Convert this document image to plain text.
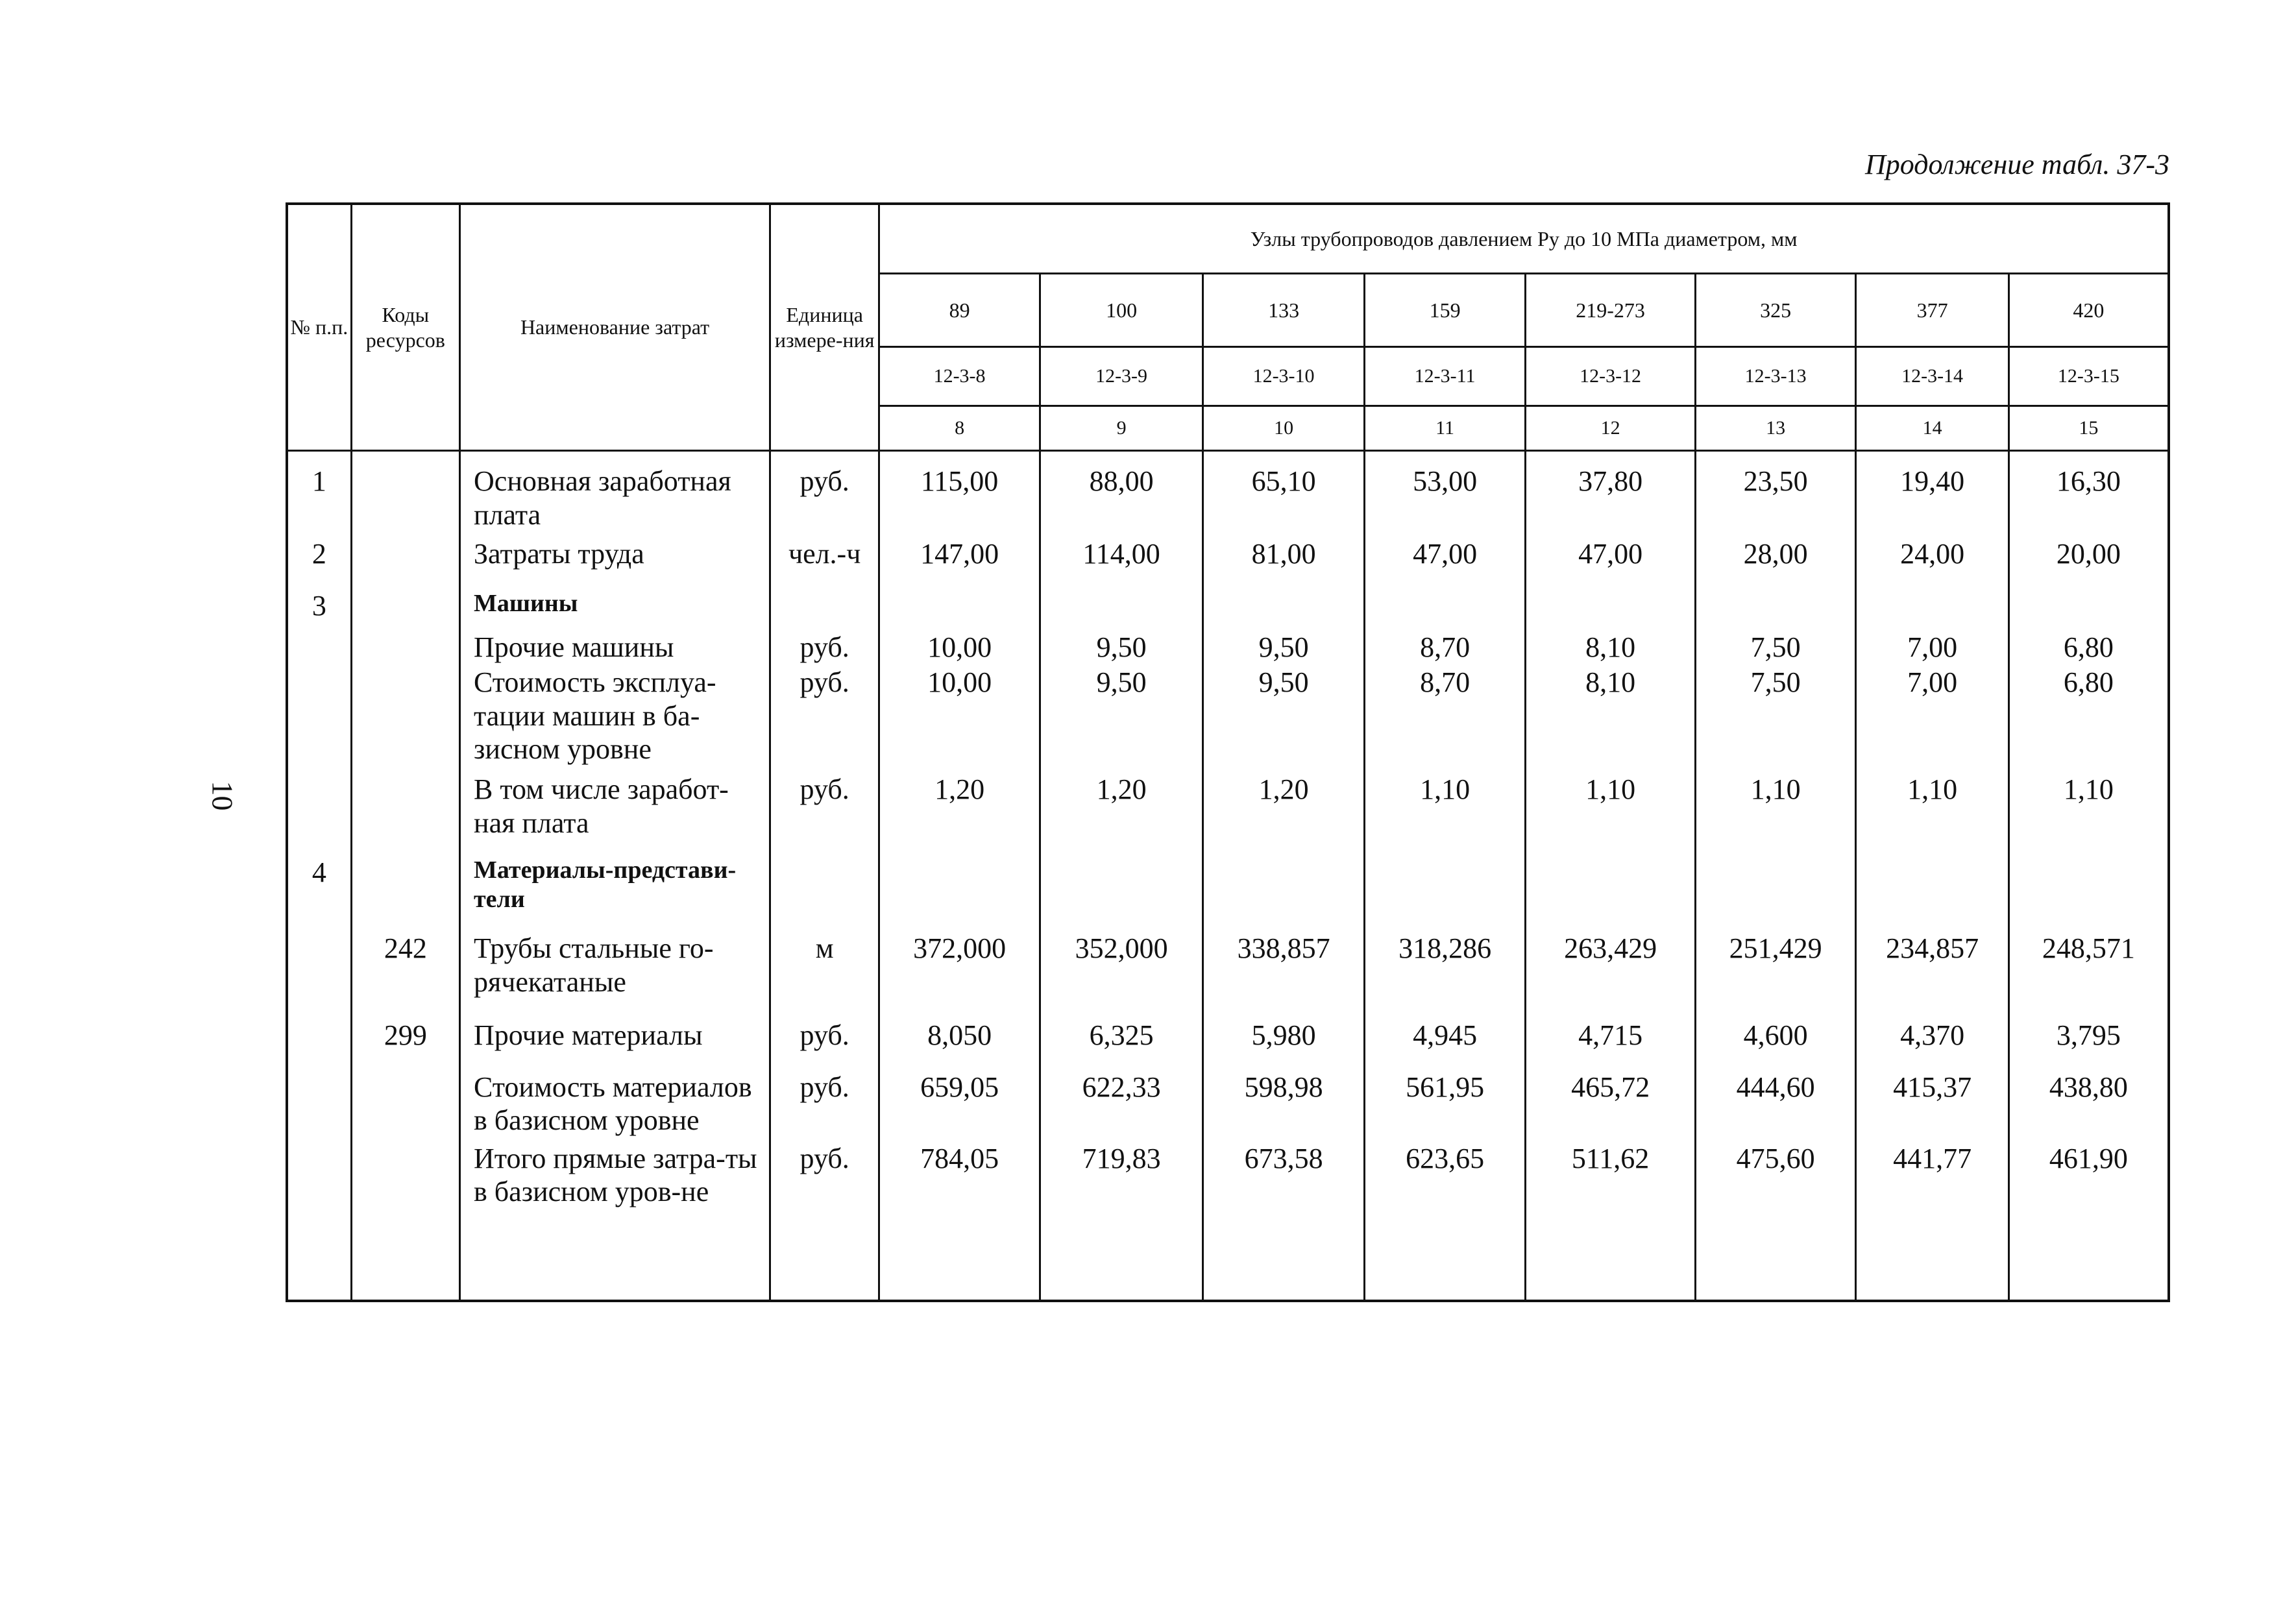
Продолжение табл. 37-3
10
№ п.п.	Коды ресурсов	Наименование затрат	Единица измере-ния	Узлы трубопроводов давлением Pу до 10 МПа диаметром, мм							
				89	100	133	159	219-273	325	377	420
				12-3-8	12-3-9	12-3-10	12-3-11	12-3-12	12-3-13	12-3-14	12-3-15
				8	9	10	11	12	13	14	15
1		Основная заработная плата	руб.	115,00	88,00	65,10	53,00	37,80	23,50	19,40	16,30
2		Затраты труда	чел.-ч	147,00	114,00	81,00	47,00	47,00	28,00	24,00	20,00
3		Машины									
		Прочие машины	руб.	10,00	9,50	9,50	8,70	8,10	7,50	7,00	6,80
		Стоимость эксплуа-тации машин в ба-зисном уровне	руб.	10,00	9,50	9,50	8,70	8,10	7,50	7,00	6,80
		В том числе заработ-ная плата	руб.	1,20	1,20	1,20	1,10	1,10	1,10	1,10	1,10
4		Материалы-представи-тели									
	242	Трубы стальные го-рячекатаные	м	372,000	352,000	338,857	318,286	263,429	251,429	234,857	248,571
	299	Прочие материалы	руб.	8,050	6,325	5,980	4,945	4,715	4,600	4,370	3,795
		Стоимость материалов в базисном уровне	руб.	659,05	622,33	598,98	561,95	465,72	444,60	415,37	438,80
		Итого прямые затра-ты в базисном уров-не	руб.	784,05	719,83	673,58	623,65	511,62	475,60	441,77	461,90
